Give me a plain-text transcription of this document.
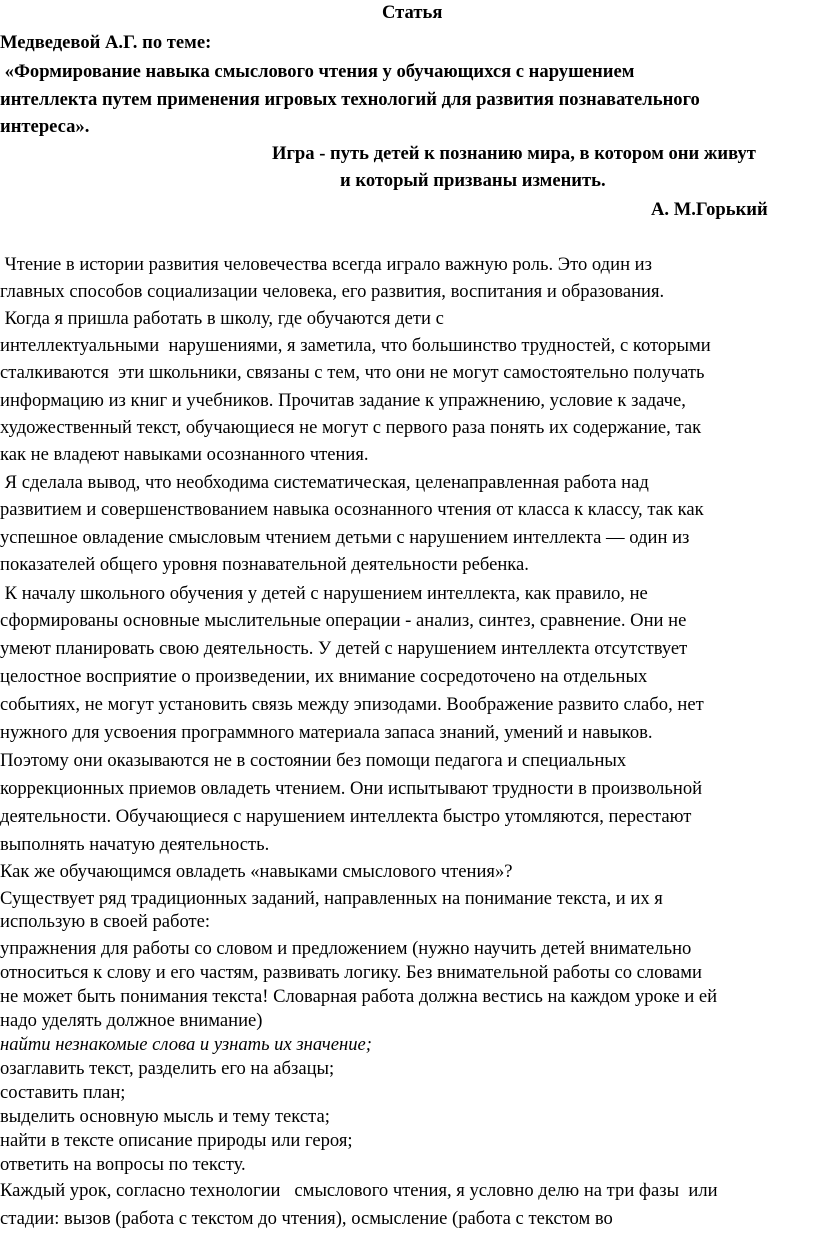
Статья
Медведевой А.Г. по теме:
«Формирование навыка смыслового чтения у обучающихся с нарушением
интеллекта путем применения игровых технологий для развития познавательного
интереса».
Игра - путь детей к познанию мира, в котором они живут
и который призваны изменить.
А. М.Горький
Чтение в истории развития человечества всегда играло важную роль. Это один из
главных способов социализации человека, его развития, воспитания и образования.
Когда я пришла работать в школу, где обучаются дети с
интеллектуальными  нарушениями, я заметила, что большинство трудностей, с которыми
сталкиваются  эти школьники, связаны с тем, что они не могут самостоятельно получать
информацию из книг и учебников. Прочитав задание к упражнению, условие к задаче,
художественный текст, обучающиеся не могут с первого раза понять их содержание, так
как не владеют навыками осознанного чтения.
Я сделала вывод, что необходима систематическая, целенаправленная работа над
развитием и совершенствованием навыка осознанного чтения от класса к классу, так как
успешное овладение смысловым чтением детьми с нарушением интеллекта — один из
показателей общего уровня познавательной деятельности ребенка.
К началу школьного обучения у детей с нарушением интеллекта, как правило, не
сформированы основные мыслительные операции - анализ, синтез, сравнение. Они не
умеют планировать свою деятельность. У детей с нарушением интеллекта отсутствует
целостное восприятие о произведении, их внимание сосредоточено на отдельных
событиях, не могут установить связь между эпизодами. Воображение развито слабо, нет
нужного для усвоения программного материала запаса знаний, умений и навыков.
Поэтому они оказываются не в состоянии без помощи педагога и специальных
коррекционных приемов овладеть чтением. Они испытывают трудности в произвольной
деятельности. Обучающиеся с нарушением интеллекта быстро утомляются, перестают
выполнять начатую деятельность.
Как же обучающимся овладеть «навыками смыслового чтения»?
Существует ряд традиционных заданий, направленных на понимание текста, и их я
использую в своей работе:
упражнения для работы со словом и предложением (нужно научить детей внимательно
относиться к слову и его частям, развивать логику. Без внимательной работы со словами
не может быть понимания текста! Словарная работа должна вестись на каждом уроке и ей
надо уделять должное внимание)
найти незнакомые слова и узнать их значение;
озаглавить текст, разделить его на абзацы;
составить план;
выделить основную мысль и тему текста;
найти в тексте описание природы или героя;
ответить на вопросы по тексту.
Каждый урок, согласно технологии   смыслового чтения, я условно делю на три фазы  или
стадии: вызов (работа с текстом до чтения), осмысление (работа с текстом во
